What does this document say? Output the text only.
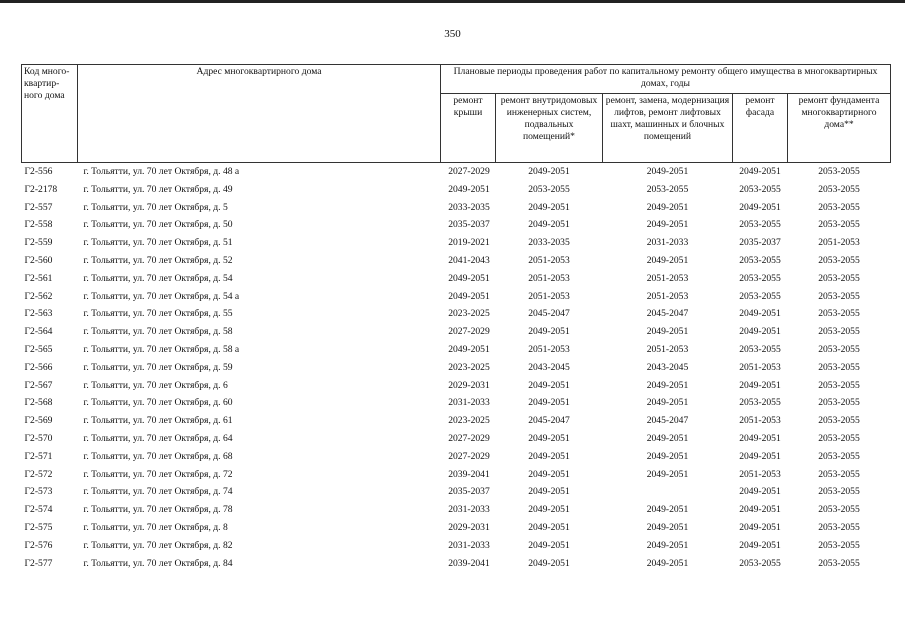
350
Код много-
квартир-
ного дома	Адрес многоквартирного дома	Плановые периоды проведения работ по капитальному ремонту общего имущества в многоквартирных домах, годы				
		ремонт крыши	ремонт внутридомовых инженерных систем, подвальных помещений*	ремонт, замена, модернизация лифтов, ремонт лифтовых шахт, машинных и блочных помещений	ремонт фасада	ремонт фундамента многоквартирного дома**
Г2-556	г. Тольятти, ул. 70 лет Октября, д. 48 а	2027-2029	2049-2051	2049-2051	2049-2051	2053-2055
Г2-2178	г. Тольятти, ул. 70 лет Октября, д. 49	2049-2051	2053-2055	2053-2055	2053-2055	2053-2055
Г2-557	г. Тольятти, ул. 70 лет Октября, д. 5	2033-2035	2049-2051	2049-2051	2049-2051	2053-2055
Г2-558	г. Тольятти, ул. 70 лет Октября, д. 50	2035-2037	2049-2051	2049-2051	2053-2055	2053-2055
Г2-559	г. Тольятти, ул. 70 лет Октября, д. 51	2019-2021	2033-2035	2031-2033	2035-2037	2051-2053
Г2-560	г. Тольятти, ул. 70 лет Октября, д. 52	2041-2043	2051-2053	2049-2051	2053-2055	2053-2055
Г2-561	г. Тольятти, ул. 70 лет Октября, д. 54	2049-2051	2051-2053	2051-2053	2053-2055	2053-2055
Г2-562	г. Тольятти, ул. 70 лет Октября, д. 54 а	2049-2051	2051-2053	2051-2053	2053-2055	2053-2055
Г2-563	г. Тольятти, ул. 70 лет Октября, д. 55	2023-2025	2045-2047	2045-2047	2049-2051	2053-2055
Г2-564	г. Тольятти, ул. 70 лет Октября, д. 58	2027-2029	2049-2051	2049-2051	2049-2051	2053-2055
Г2-565	г. Тольятти, ул. 70 лет Октября, д. 58 а	2049-2051	2051-2053	2051-2053	2053-2055	2053-2055
Г2-566	г. Тольятти, ул. 70 лет Октября, д. 59	2023-2025	2043-2045	2043-2045	2051-2053	2053-2055
Г2-567	г. Тольятти, ул. 70 лет Октября, д. 6	2029-2031	2049-2051	2049-2051	2049-2051	2053-2055
Г2-568	г. Тольятти, ул. 70 лет Октября, д. 60	2031-2033	2049-2051	2049-2051	2053-2055	2053-2055
Г2-569	г. Тольятти, ул. 70 лет Октября, д. 61	2023-2025	2045-2047	2045-2047	2051-2053	2053-2055
Г2-570	г. Тольятти, ул. 70 лет Октября, д. 64	2027-2029	2049-2051	2049-2051	2049-2051	2053-2055
Г2-571	г. Тольятти, ул. 70 лет Октября, д. 68	2027-2029	2049-2051	2049-2051	2049-2051	2053-2055
Г2-572	г. Тольятти, ул. 70 лет Октября, д. 72	2039-2041	2049-2051	2049-2051	2051-2053	2053-2055
Г2-573	г. Тольятти, ул. 70 лет Октября, д. 74	2035-2037	2049-2051		2049-2051	2053-2055
Г2-574	г. Тольятти, ул. 70 лет Октября, д. 78	2031-2033	2049-2051	2049-2051	2049-2051	2053-2055
Г2-575	г. Тольятти, ул. 70 лет Октября, д. 8	2029-2031	2049-2051	2049-2051	2049-2051	2053-2055
Г2-576	г. Тольятти, ул. 70 лет Октября, д. 82	2031-2033	2049-2051	2049-2051	2049-2051	2053-2055
Г2-577	г. Тольятти, ул. 70 лет Октября, д. 84	2039-2041	2049-2051	2049-2051	2053-2055	2053-2055
